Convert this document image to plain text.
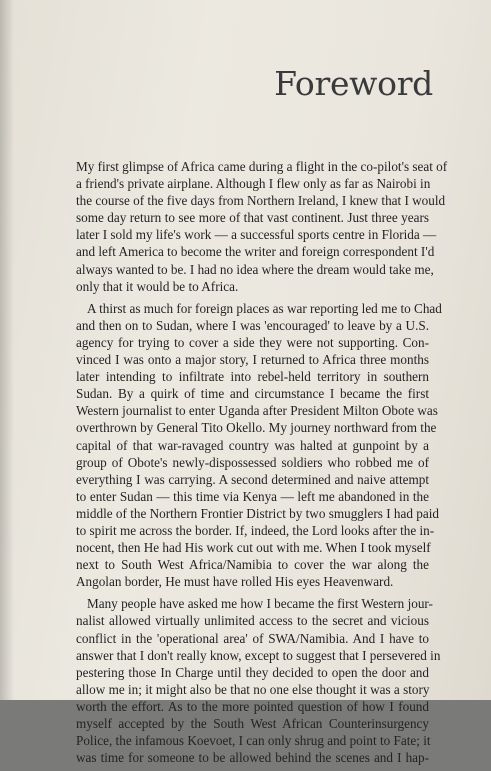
Foreword

My first glimpse of Africa came during a flight in the co-pilot's seat of
a friend's private airplane. Although I flew only as far as Nairobi in
the course of the five days from Northern Ireland, I knew that I would
some day return to see more of that vast continent. Just three years
later I sold my life's work — a successful sports centre in Florida —
and left America to become the writer and foreign correspondent I'd
always wanted to be. I had no idea where the dream would take me,
only that it would be to Africa.

A thirst as much for foreign places as war reporting led me to Chad
and then on to Sudan, where I was 'encouraged' to leave by a U.S.
agency for trying to cover a side they were not supporting. Con-
vinced I was onto a major story, I returned to Africa three months
later intending to infiltrate into rebel-held territory in southern
Sudan. By a quirk of time and circumstance I became the first
Western journalist to enter Uganda after President Milton Obote was
overthrown by General Tito Okello. My journey northward from the
capital of that war-ravaged country was halted at gunpoint by a
group of Obote's newly-dispossessed soldiers who robbed me of
everything I was carrying. A second determined and naive attempt
to enter Sudan — this time via Kenya — left me abandoned in the
middle of the Northern Frontier District by two smugglers I had paid
to spirit me across the border. If, indeed, the Lord looks after the in-
nocent, then He had His work cut out with me. When I took myself
next to South West Africa/Namibia to cover the war along the
Angolan border, He must have rolled His eyes Heavenward.

Many people have asked me how I became the first Western jour-
nalist allowed virtually unlimited access to the secret and vicious
conflict in the 'operational area' of SWA/Namibia. And I have to
answer that I don't really know, except to suggest that I persevered in
pestering those In Charge until they decided to open the door and
allow me in; it might also be that no one else thought it was a story
worth the effort. As to the more pointed question of how I found
myself accepted by the South West African Counterinsurgency
Police, the infamous Koevoet, I can only shrug and point to Fate; it
was time for someone to be allowed behind the scenes and I hap-
